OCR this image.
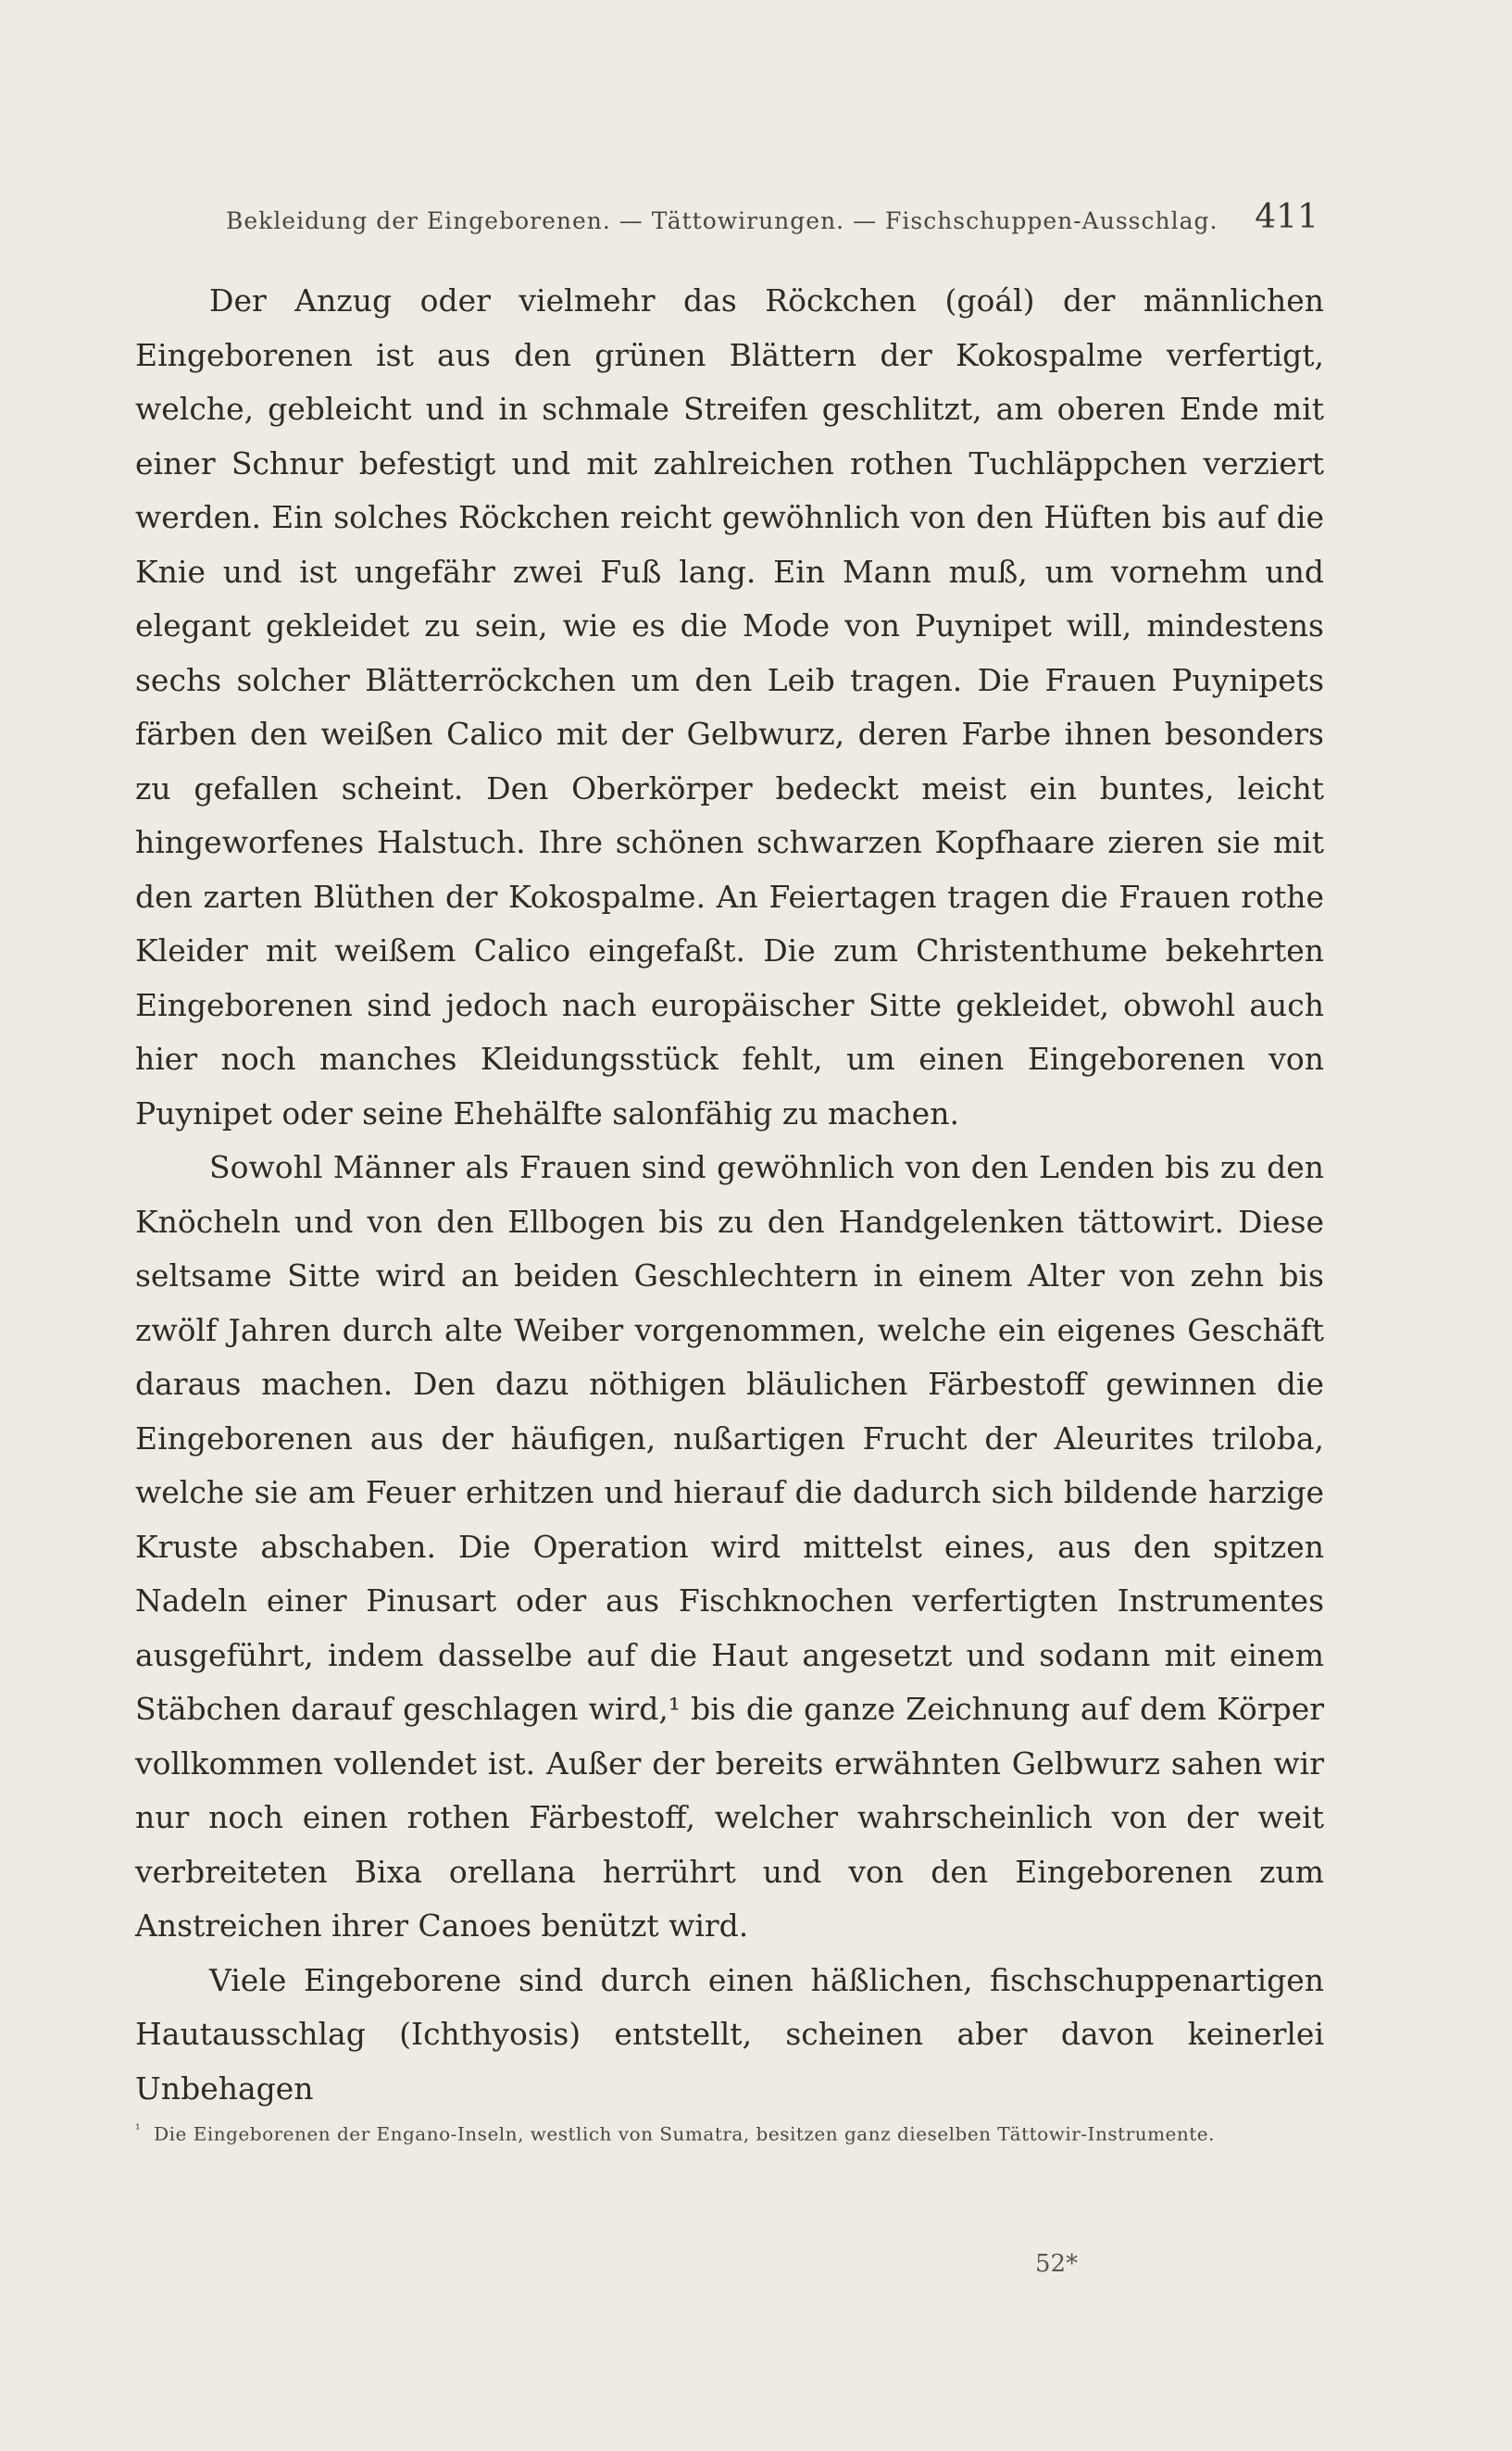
Bekleidung der Eingeborenen. — Tättowirungen. — Fischschuppen-Ausschlag. 411

Der Anzug oder vielmehr das Röckchen (goál) der männlichen Eingeborenen ist aus den grünen Blättern der Kokospalme verfertigt, welche, gebleicht und in schmale Streifen geschlitzt, am oberen Ende mit einer Schnur befestigt und mit zahlreichen rothen Tuchläppchen verziert werden. Ein solches Röckchen reicht gewöhnlich von den Hüften bis auf die Knie und ist ungefähr zwei Fuß lang. Ein Mann muß, um vornehm und elegant gekleidet zu sein, wie es die Mode von Puynipet will, mindestens sechs solcher Blätterröckchen um den Leib tragen. Die Frauen Puynipets färben den weißen Calico mit der Gelbwurz, deren Farbe ihnen besonders zu gefallen scheint. Den Oberkörper bedeckt meist ein buntes, leicht hingeworfenes Halstuch. Ihre schönen schwarzen Kopfhaare zieren sie mit den zarten Blüthen der Kokospalme. An Feiertagen tragen die Frauen rothe Kleider mit weißem Calico eingefaßt. Die zum Christenthume bekehrten Eingeborenen sind jedoch nach europäischer Sitte gekleidet, obwohl auch hier noch manches Kleidungsstück fehlt, um einen Eingeborenen von Puynipet oder seine Ehehälfte salonfähig zu machen.

Sowohl Männer als Frauen sind gewöhnlich von den Lenden bis zu den Knöcheln und von den Ellbogen bis zu den Handgelenken tättowirt. Diese seltsame Sitte wird an beiden Geschlechtern in einem Alter von zehn bis zwölf Jahren durch alte Weiber vorgenommen, welche ein eigenes Geschäft daraus machen. Den dazu nöthigen bläulichen Färbestoff gewinnen die Eingeborenen aus der häufigen, nußartigen Frucht der Aleurites triloba, welche sie am Feuer erhitzen und hierauf die dadurch sich bildende harzige Kruste abschaben. Die Operation wird mittelst eines, aus den spitzen Nadeln einer Pinusart oder aus Fischknochen verfertigten Instrumentes ausgeführt, indem dasselbe auf die Haut angesetzt und sodann mit einem Stäbchen darauf geschlagen wird,¹ bis die ganze Zeichnung auf dem Körper vollkommen vollendet ist. Außer der bereits erwähnten Gelbwurz sahen wir nur noch einen rothen Färbestoff, welcher wahrscheinlich von der weit verbreiteten Bixa orellana herrührt und von den Eingeborenen zum Anstreichen ihrer Canoes benützt wird.

Viele Eingeborene sind durch einen häßlichen, fischschuppenartigen Hautausschlag (Ichthyosis) entstellt, scheinen aber davon keinerlei Unbehagen

$^{^1}$ Die Eingeborenen der Engano-Inseln, westlich von Sumatra, besitzen ganz dieselben Tättowir-Instrumente.
52*
